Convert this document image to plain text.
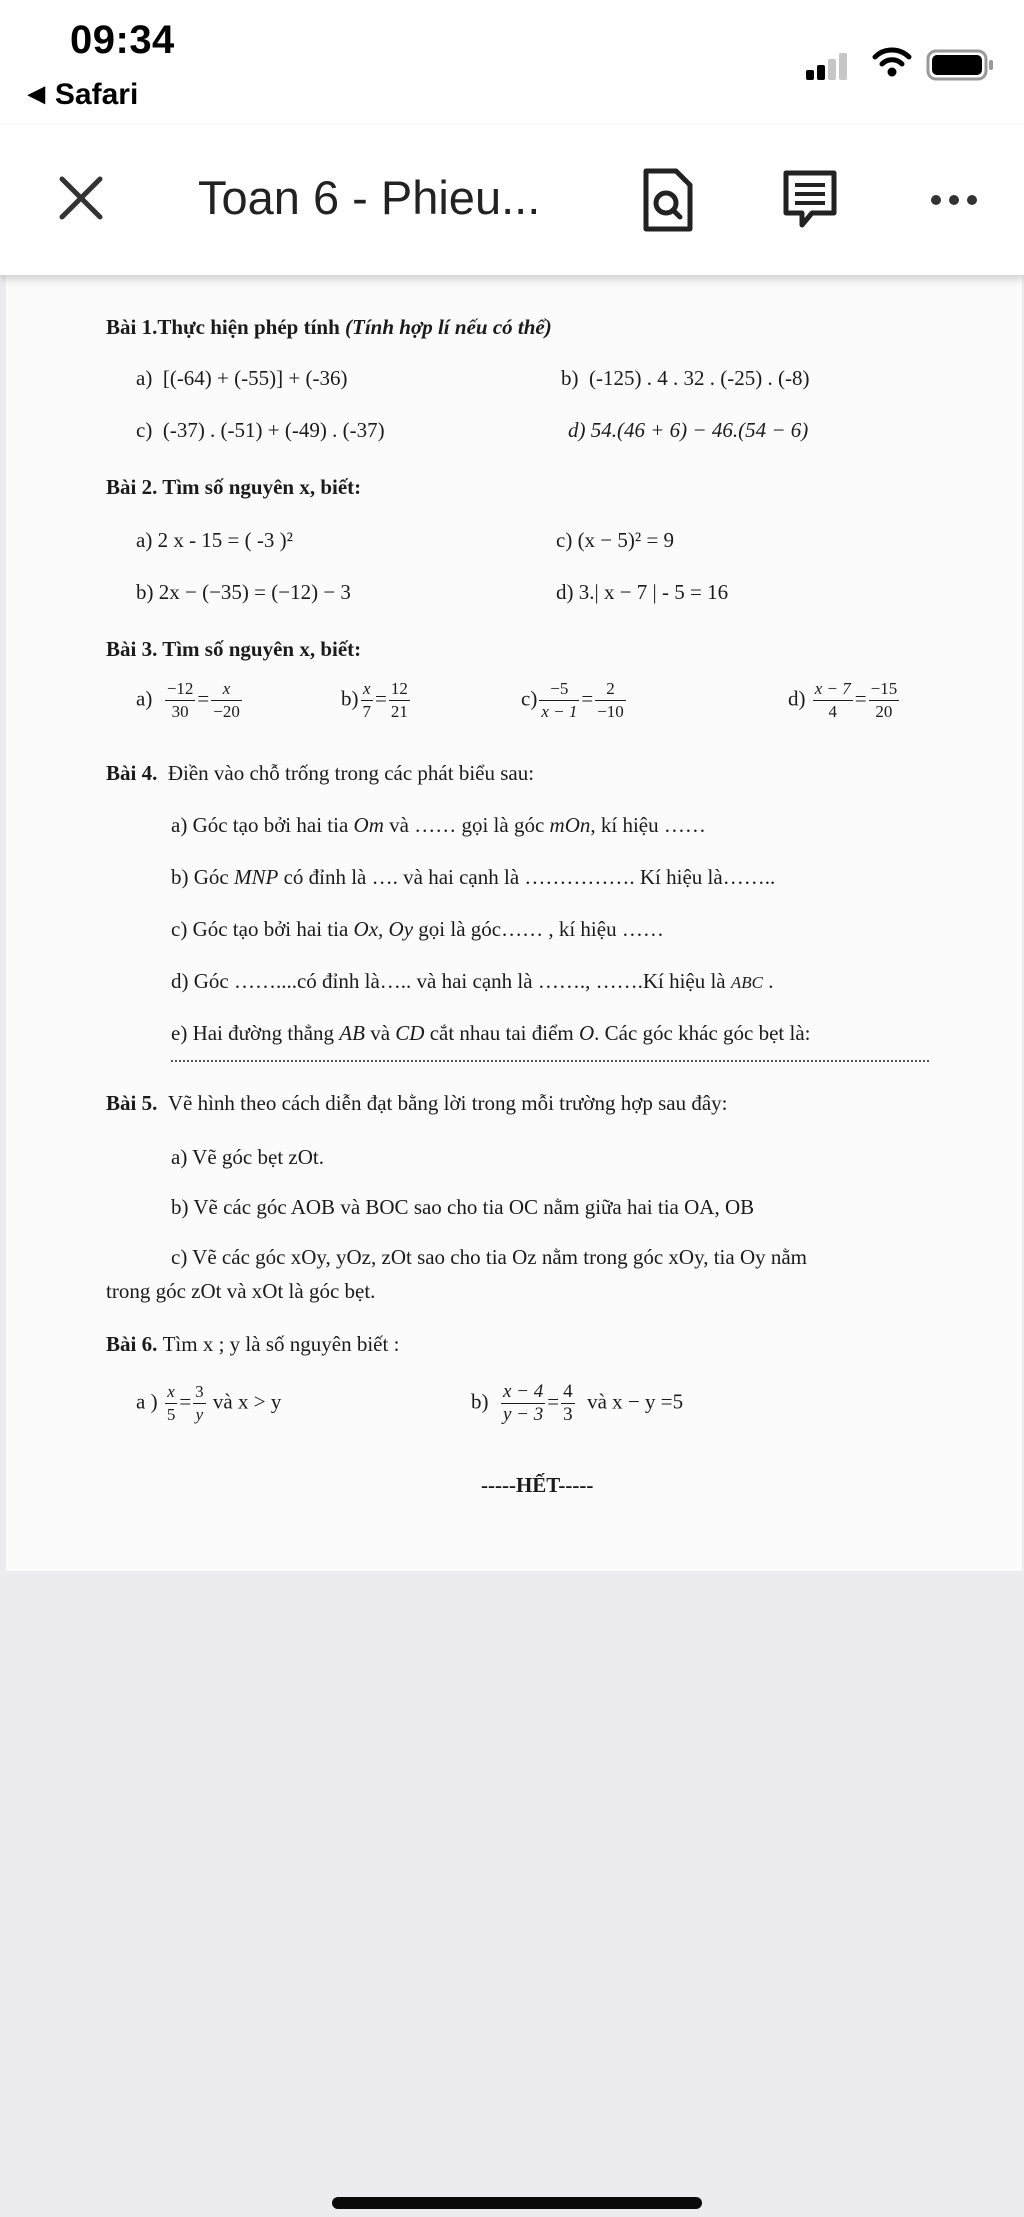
09:34
◀ Safari
Toan 6 - Phieu...
Bài 1.Thực hiện phép tính (Tính hợp lí nếu có thể)
a) [(-64) + (-55)] + (-36)	b) (-125) . 4 . 32 . (-25) . (-8)
c) (-37) . (-51) + (-49) . (-37)	d) 54.(46 + 6) − 46.(54 − 6)
Bài 2. Tìm số nguyên x, biết:
a) 2 x - 15 = ( -3 )²	c) (x − 5)² = 9
b) 2x − (−35) = (−12) − 3	d) 3.| x − 7 | - 5 = 16
Bài 3. Tìm số nguyên x, biết:
$a) \frac{-12}{30} = \frac{x}{-20}$	$b) \frac{x}{7} = \frac{12}{21}$	$c) \frac{-5}{x - 1} = \frac{2}{-10}$	$d) \frac{x - 7}{4} = \frac{-15}{20}$
Bài 4. Điền vào chỗ trống trong các phát biểu sau:
a) Góc tạo bởi hai tia Om và …… gọi là góc mOn, kí hiệu ……
b) Góc MNP có đỉnh là …. và hai cạnh là ……………. Kí hiệu là……..
c) Góc tạo bởi hai tia Ox, Oy gọi là góc…… , kí hiệu ……
d) Góc ……....có đỉnh là….. và hai cạnh là ……., …….Kí hiệu là ABC .
e) Hai đường thẳng AB và CD cắt nhau tai điểm O. Các góc khác góc bẹt là:
Bài 5. Vẽ hình theo cách diễn đạt bằng lời trong mỗi trường hợp sau đây:
a) Vẽ góc bẹt zOt.
b) Vẽ các góc AOB và BOC sao cho tia OC nằm giữa hai tia OA, OB
c) Vẽ các góc xOy, yOz, zOt sao cho tia Oz nằm trong góc xOy, tia Oy nằm
trong góc zOt và xOt là góc bẹt.
Bài 6. Tìm x ; y là số nguyên biết :
a ) $\frac{x}{5} = \frac{3}{y}$ và x > y	$b) \frac{x - 4}{y - 3} = \frac{4}{3}$ và x − y =5
-----HẾT-----
